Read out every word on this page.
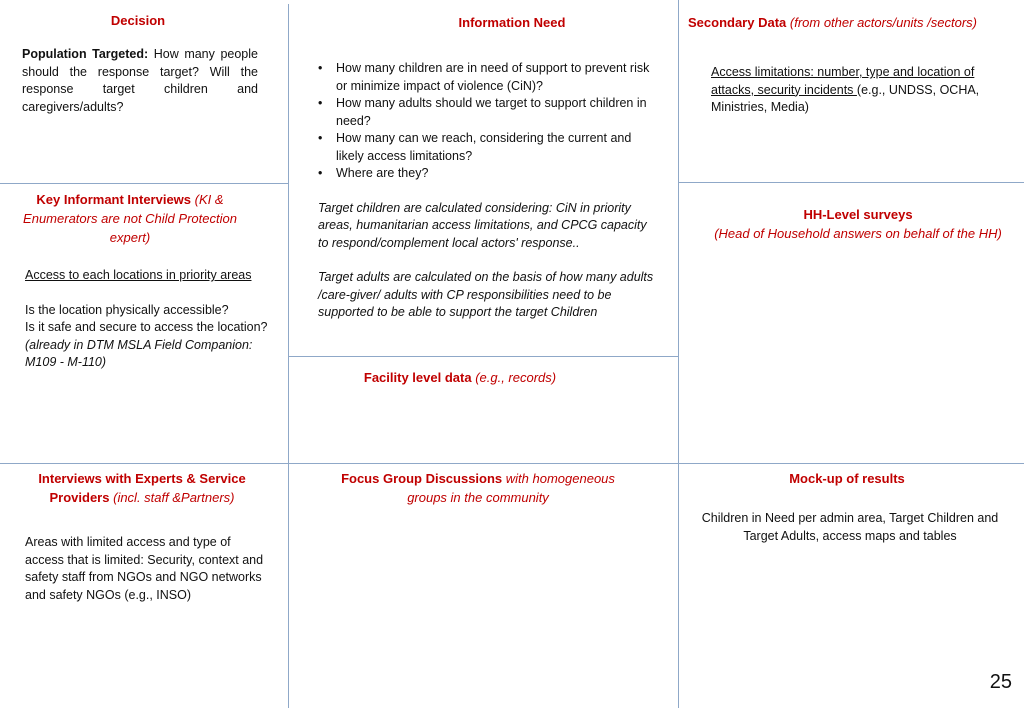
Decision
Population Targeted: How many people should the response target? Will the response target children and caregivers/adults?
Information Need
• How many children are in need of support to prevent risk or minimize impact of violence (CiN)?
• How many adults should we target to support children in need?
• How many can we reach, considering the current and likely access limitations?
• Where are they?

Target children are calculated considering: CiN in priority areas, humanitarian access limitations, and CPCG capacity to respond/complement local actors' response..

Target adults are calculated on the basis of how many adults /care-giver/ adults with CP responsibilities need to be supported to be able to support the target Children

Secondary Data (from other actors/units /sectors)
Access limitations: number, type and location of attacks, security incidents (e.g., UNDSS, OCHA, Ministries, Media)
Key Informant Interviews (KI & Enumerators are not Child Protection expert)

Access to each locations in priority areas

Is the location physically accessible?

Is it safe and secure to access the location? (already in DTM MSLA Field Companion: M109 - M-110)

HH-Level surveys
(Head of Household answers on behalf of the HH)
Facility level data (e.g., records)
Interviews with Experts & Service Providers (incl. staff &Partners)

Areas with limited access and type of access that is limited: Security, context and safety staff from NGOs and NGO networks and safety NGOs (e.g., INSO)

Focus Group Discussions with homogeneous groups in the community
Mock-up of results

Children in Need per admin area, Target Children and Target Adults, access maps and tables

25
